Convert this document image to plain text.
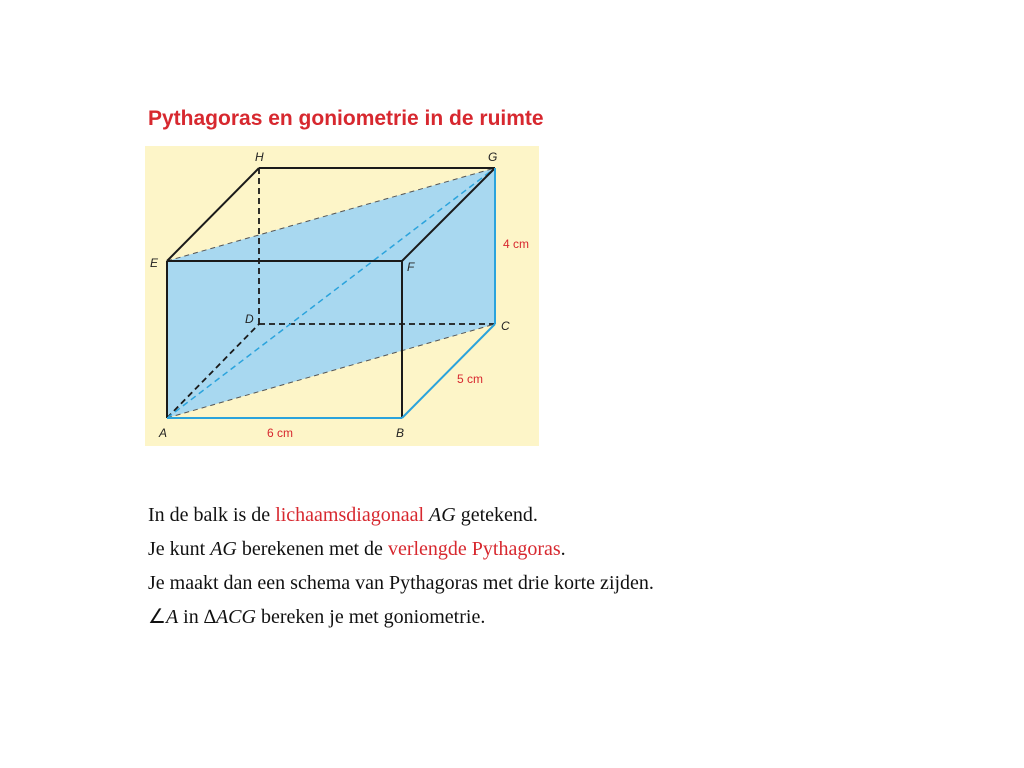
Pythagoras en goniometrie in de ruimte
A	B
C
D
E	F
G
H
6 cm
5 cm
4 cm

In de balk is de lichaamsdiagonaal AG getekend.

Je kunt AG berekenen met de verlengde Pythagoras.

Je maakt dan een schema van Pythagoras met drie korte zijden.

∠A in ∆ACG bereken je met goniometrie.
